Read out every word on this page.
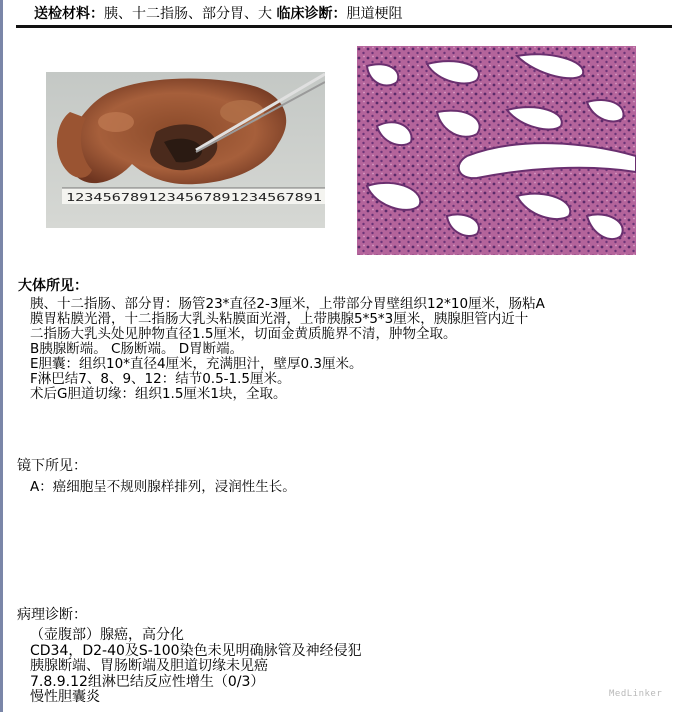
送检材料：胰、十二指肠、部分胃、大 临床诊断：胆道梗阻
1234567891234567891234567891
大体所见：
胰、十二指肠、部分胃：肠管23*直径2-3厘米，上带部分胃壁组织12*10厘米，肠粘A
膜胃粘膜光滑，十二指肠大乳头粘膜面光滑，上带胰腺5*5*3厘米，胰腺胆管内近十
二指肠大乳头处见肿物直径1.5厘米，切面金黄质脆界不清，肿物全取。
B胰腺断端。 C肠断端。 D胃断端。
E胆囊：组织10*直径4厘米，充满胆汁，壁厚0.3厘米。
F淋巴结7、8、9、12：结节0.5-1.5厘米。
术后G胆道切缘：组织1.5厘米1块，全取。
镜下所见：
A：癌细胞呈不规则腺样排列，浸润性生长。
病理诊断：
（壶腹部）腺癌，高分化
CD34，D2-40及S-100染色未见明确脉管及神经侵犯
胰腺断端、胃肠断端及胆道切缘未见癌
7.8.9.12组淋巴结反应性增生（0/3）
慢性胆囊炎	MedLinker
